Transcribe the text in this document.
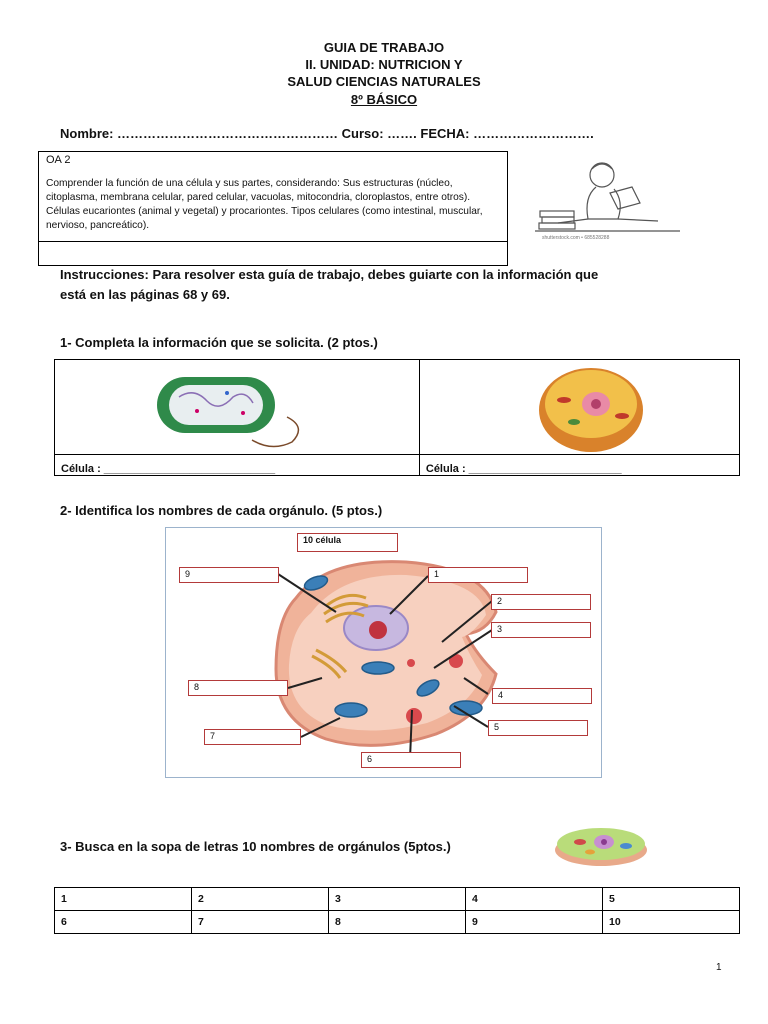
GUIA DE TRABAJO
II. UNIDAD: NUTRICION Y
SALUD CIENCIAS NATURALES
8º BÁSICO
Nombre: …………………………………………… Curso: ……. FECHA: ……………………….
OA 2
Comprender la función de una célula y sus partes, considerando: Sus estructuras (núcleo, citoplasma, membrana celular, pared celular, vacuolas, mitocondria, cloroplastos, entre otros). Células eucariontes (animal y vegetal) y procariontes. Tipos celulares (como intestinal, muscular, nervioso, pancreático).
shutterstock.com • 685528288
Instrucciones: Para resolver esta guía de trabajo, debes guiarte con la información que
está en las páginas 68 y 69.
1- Completa la información que se solicita. (2 ptos.)

Célula : ____________________________	Célula : _________________________
2- Identifica los nombres de cada orgánulo. (5 ptos.)
10 célula
9	1
2
3
8
4
5
7
6
3- Busca en la sopa de letras 10 nombres de orgánulos (5ptos.)
1	2	3	4	5
6	7	8	9	10
1
